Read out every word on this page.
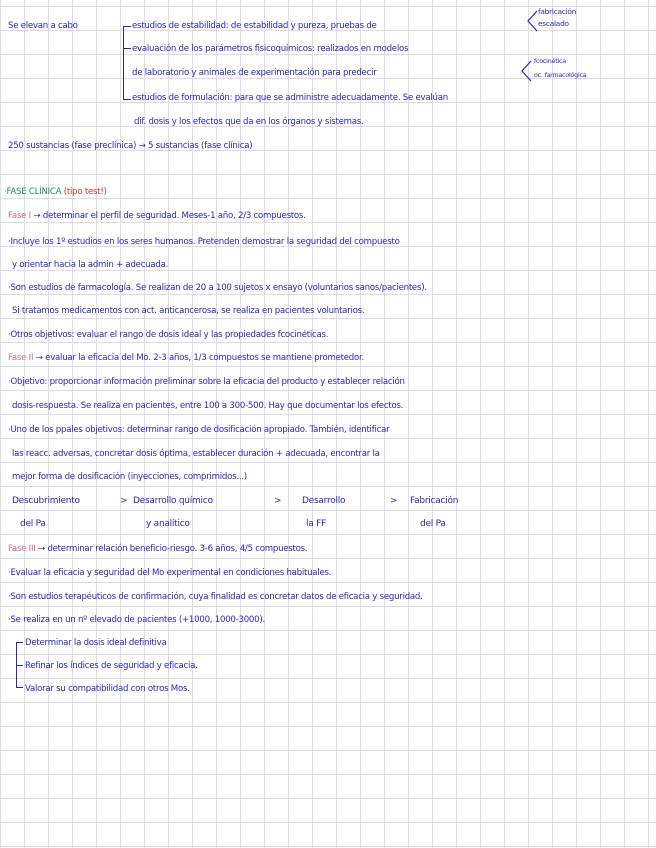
Se elevan a cabo	estudios de estabilidad: de estabilidad y pureza, pruebas de
evaluación de los parámetros fisicoquímicos: realizados en modelos
de laboratorio y animales de experimentación para predecir
estudios de formulación: para que se administre adecuadamente. Se evalúan
dif. dosis y los efectos que da en los órganos y sistemas.
fabricación
escalado
fcocinética
oc. farmacológica
250 sustancias (fase preclínica) → 5 sustancias (fase clínica)
·FASE CLÍNICA (tipo test!)
Fase I → determinar el perfil de seguridad. Meses-1 año, 2/3 compuestos.
·Incluye los 1º estudios en los seres humanos. Pretenden demostrar la seguridad del compuesto
y orientar hacia la admin + adecuada.
·Son estudios de farmacología. Se realizan de 20 a 100 sujetos x ensayo (voluntarios sanos/pacientes).
Si tratamos medicamentos con act. anticancerosa, se realiza en pacientes voluntarios.
·Otros objetivos: evaluar el rango de dosis ideal y las propiedades fcocinéticas.
Fase II → evaluar la eficacia del Mo. 2-3 años, 1/3 compuestos se mantiene prometedor.
·Objetivo: proporcionar información preliminar sobre la eficacia del producto y establecer relación
dosis-respuesta. Se realiza en pacientes, entre 100 a 300-500. Hay que documentar los efectos.
·Uno de los ppales objetivos: determinar rango de dosificación apropiado. También, identificar
las reacc. adversas, concretar dosis óptima, establecer duración + adecuada, encontrar la
mejor forma de dosificación (inyecciones, comprimidos...)
Descubrimiento	> Desarrollo químico	> Desarrollo	> Fabricación
del Pa	y analítico	la FF	del Pa
Fase III → determinar relación beneficio-riesgo. 3-6 años, 4/5 compuestos.
·Evaluar la eficacia y seguridad del Mo experimental en condiciones habituales.
·Son estudios terapéuticos de confirmación, cuya finalidad es concretar datos de eficacia y seguridad.
·Se realiza en un nº elevado de pacientes (+1000, 1000-3000).
Determinar la dosis ideal definitiva
Refinar los índices de seguridad y eficacia.
Valorar su compatibilidad con otros Mos.
